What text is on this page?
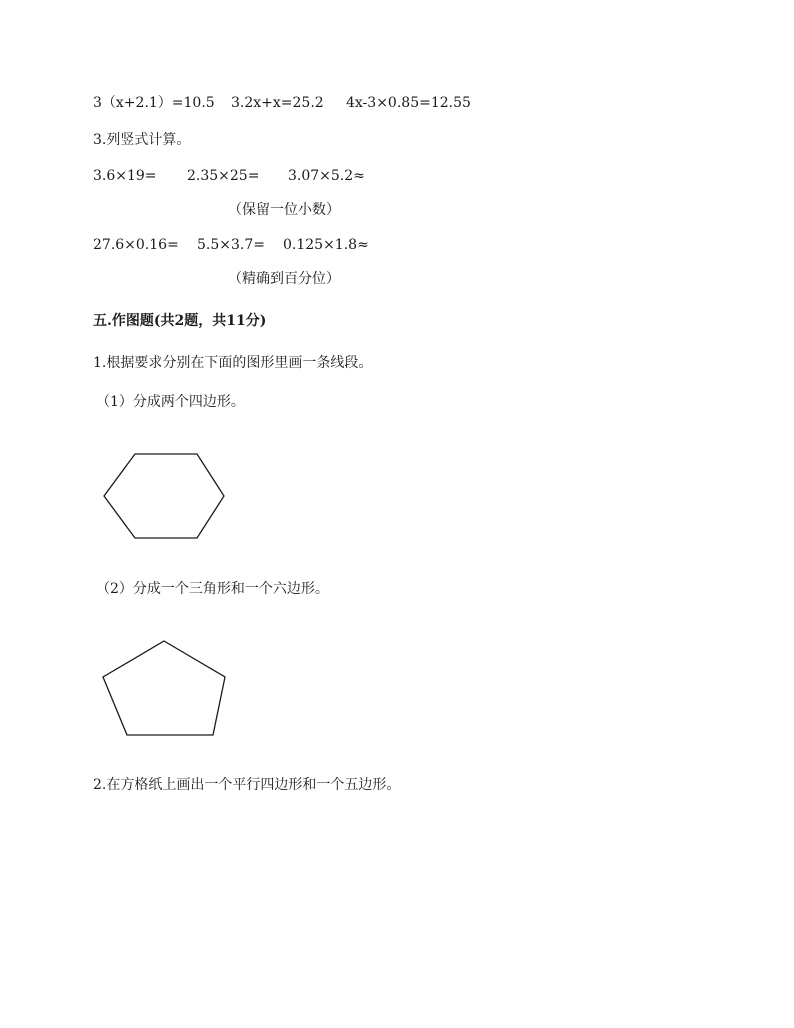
3（x+2.1）=10.5 3.2x+x=25.2 4x-3×0.85=12.55
3.列竖式计算。
3.6×19= 2.35×25= 3.07×5.2≈
（保留一位小数）
27.6×0.16= 5.5×3.7= 0.125×1.8≈
（精确到百分位）
五.作图题(共2题，共11分)
1.根据要求分别在下面的图形里画一条线段。
（1）分成两个四边形。
（2）分成一个三角形和一个六边形。
2.在方格纸上画出一个平行四边形和一个五边形。
